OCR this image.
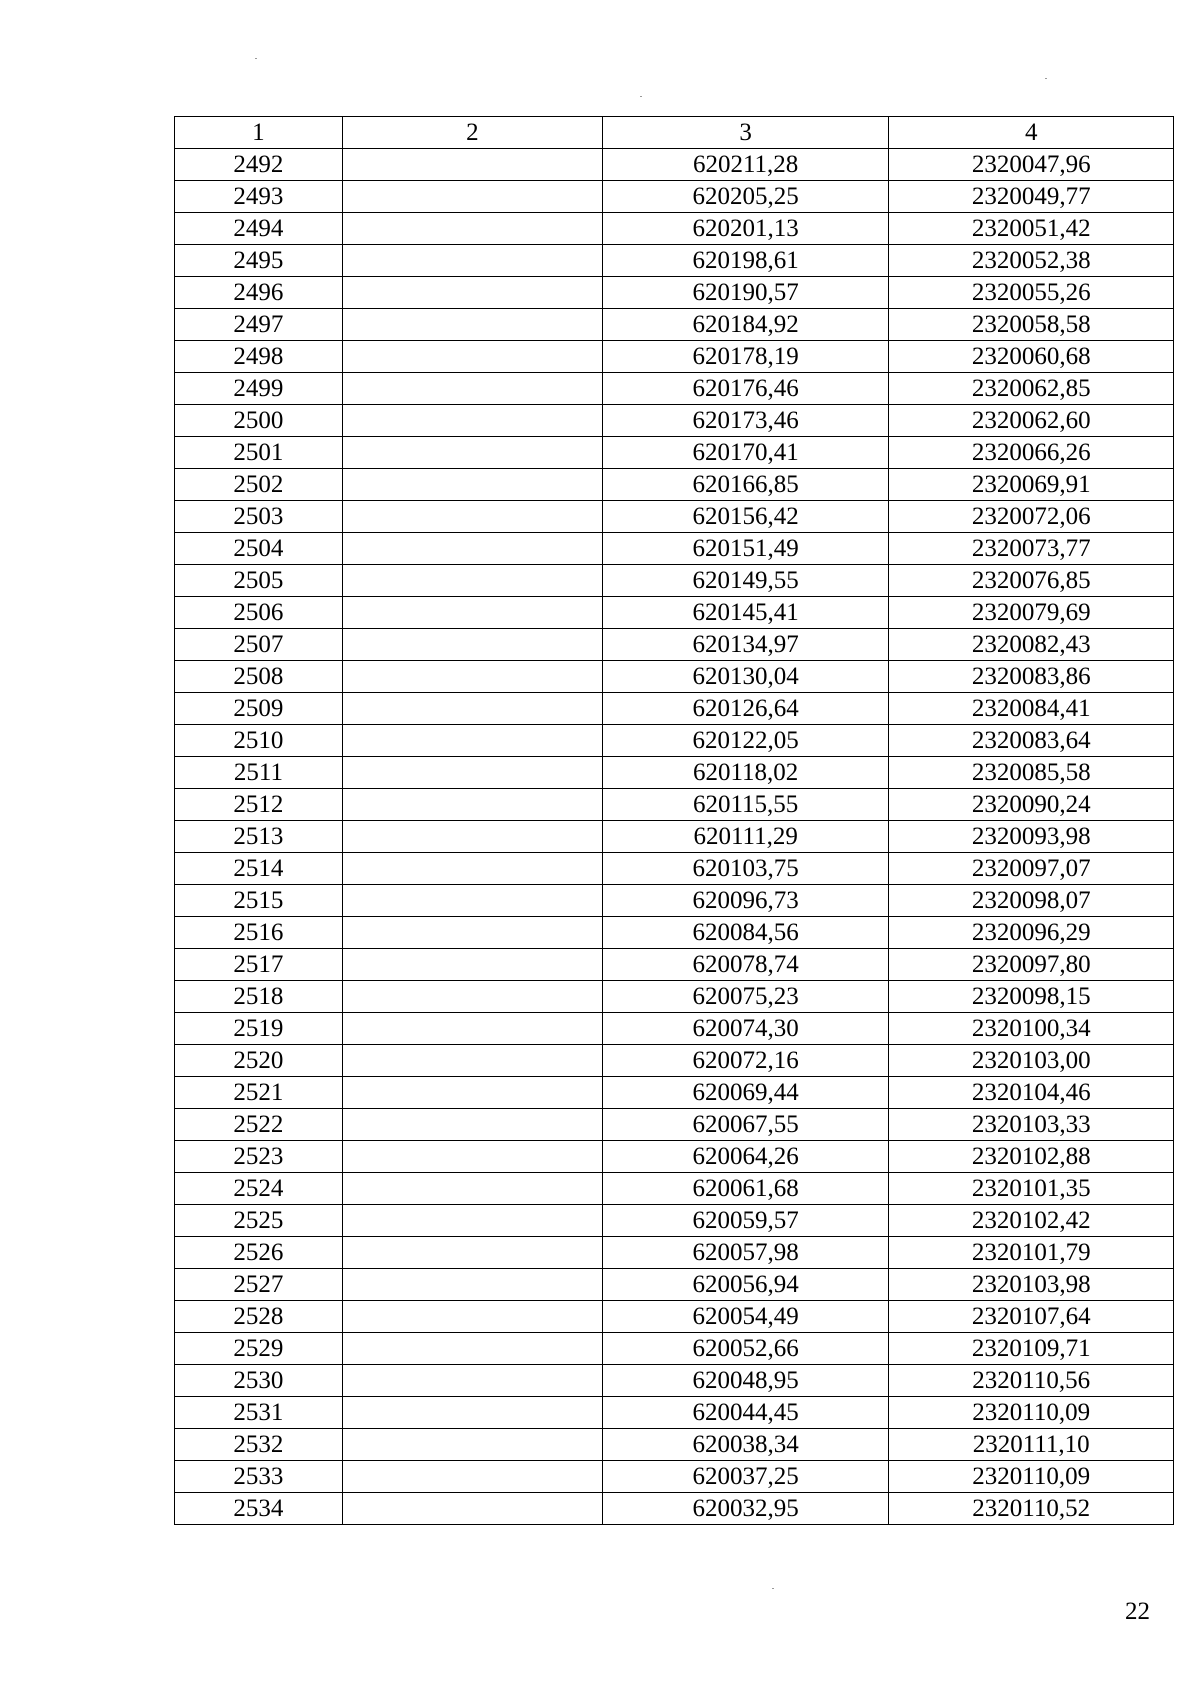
1	2	3	4
2492		620211,28	2320047,96
2493		620205,25	2320049,77
2494		620201,13	2320051,42
2495		620198,61	2320052,38
2496		620190,57	2320055,26
2497		620184,92	2320058,58
2498		620178,19	2320060,68
2499		620176,46	2320062,85
2500		620173,46	2320062,60
2501		620170,41	2320066,26
2502		620166,85	2320069,91
2503		620156,42	2320072,06
2504		620151,49	2320073,77
2505		620149,55	2320076,85
2506		620145,41	2320079,69
2507		620134,97	2320082,43
2508		620130,04	2320083,86
2509		620126,64	2320084,41
2510		620122,05	2320083,64
2511		620118,02	2320085,58
2512		620115,55	2320090,24
2513		620111,29	2320093,98
2514		620103,75	2320097,07
2515		620096,73	2320098,07
2516		620084,56	2320096,29
2517		620078,74	2320097,80
2518		620075,23	2320098,15
2519		620074,30	2320100,34
2520		620072,16	2320103,00
2521		620069,44	2320104,46
2522		620067,55	2320103,33
2523		620064,26	2320102,88
2524		620061,68	2320101,35
2525		620059,57	2320102,42
2526		620057,98	2320101,79
2527		620056,94	2320103,98
2528		620054,49	2320107,64
2529		620052,66	2320109,71
2530		620048,95	2320110,56
2531		620044,45	2320110,09
2532		620038,34	2320111,10
2533		620037,25	2320110,09
2534		620032,95	2320110,52
22
